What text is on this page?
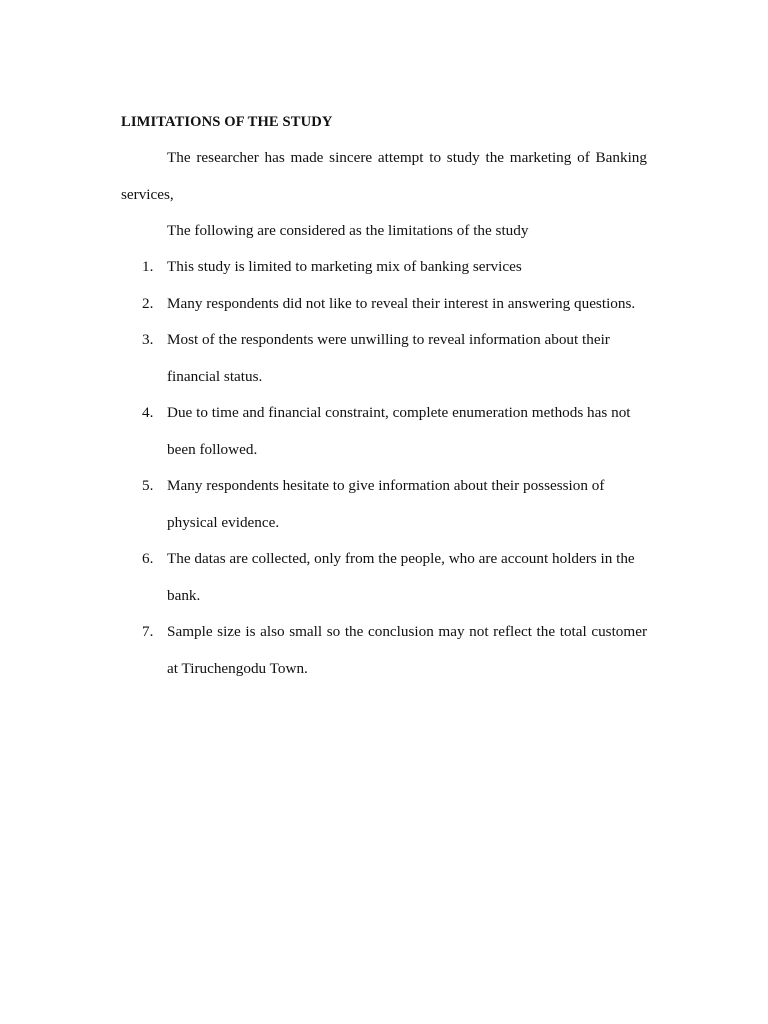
LIMITATIONS OF THE STUDY

The researcher has made sincere attempt to study the marketing of Banking services,

The following are considered as the limitations of the study

1. This study is limited to marketing mix of banking services
2. Many respondents did not like to reveal their interest in answering questions.
3. Most of the respondents were unwilling to reveal information about their financial status.
4. Due to time and financial constraint, complete enumeration methods has not been followed.
5. Many respondents hesitate to give information about their possession of physical evidence.
6. The datas are collected, only from the people, who are account holders in the bank.
7. Sample size is also small so the conclusion may not reflect the total customer at Tiruchengodu Town.
